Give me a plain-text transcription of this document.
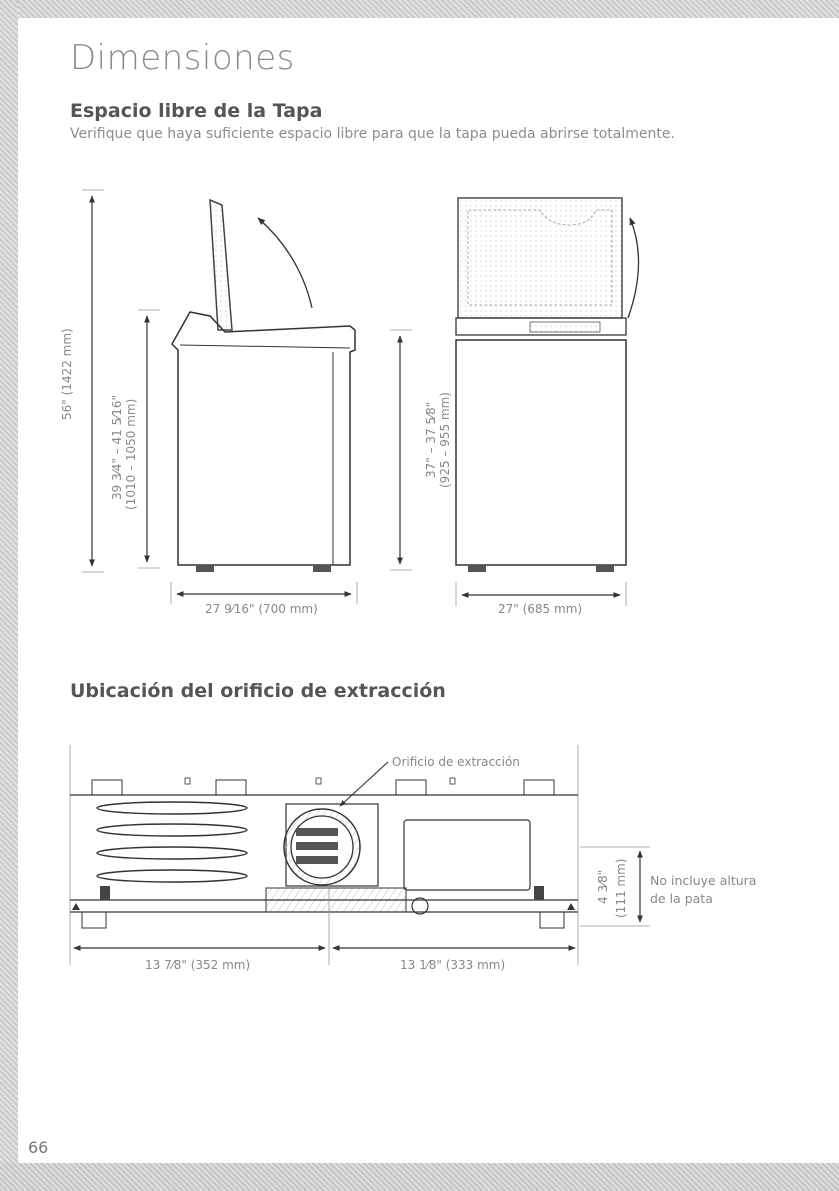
Dimensiones
Espacio libre de la Tapa

Verifique que haya suficiente espacio libre para que la tapa pueda abrirse totalmente.

56" (1422 mm)
39 3⁄4" – 41 5⁄16" (1010 – 1050 mm)
27 9⁄16" (700 mm)
37" – 37 5⁄8" (925 – 955 mm)
27" (685 mm)
Ubicación del orificio de extracción
Orificio de extracción
13 7⁄8" (352 mm)	13 1⁄8" (333 mm)
4 3⁄8" (111 mm) No incluye altura de la pata
66
